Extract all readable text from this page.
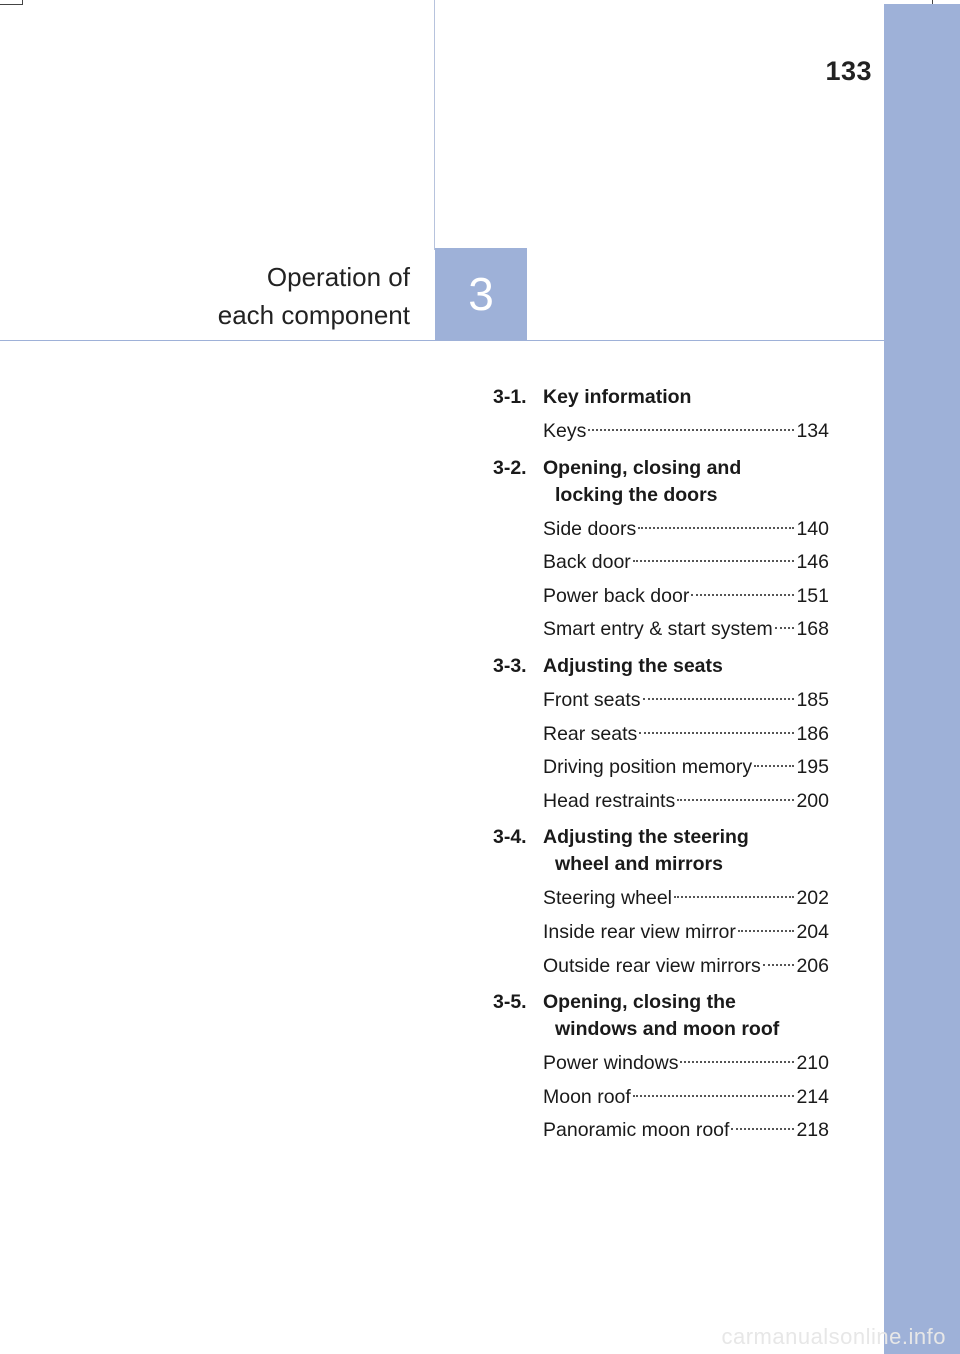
133
Operation of
each component 3
3-1. Key information
Keys	134
3-2. Opening, closing and
locking the doors
Side doors	140
Back door	146
Power back door	151
Smart entry & start system 168
3-3. Adjusting the seats
Front seats	185
Rear seats	186
Driving position memory 195
Head restraints	200
3-4. Adjusting the steering
wheel and mirrors
Steering wheel	202
Inside rear view mirror	204
Outside rear view mirrors 206
3-5. Opening, closing the
windows and moon roof
Power windows	210
Moon roof	214
Panoramic moon roof	218
carmanualsonline.info
